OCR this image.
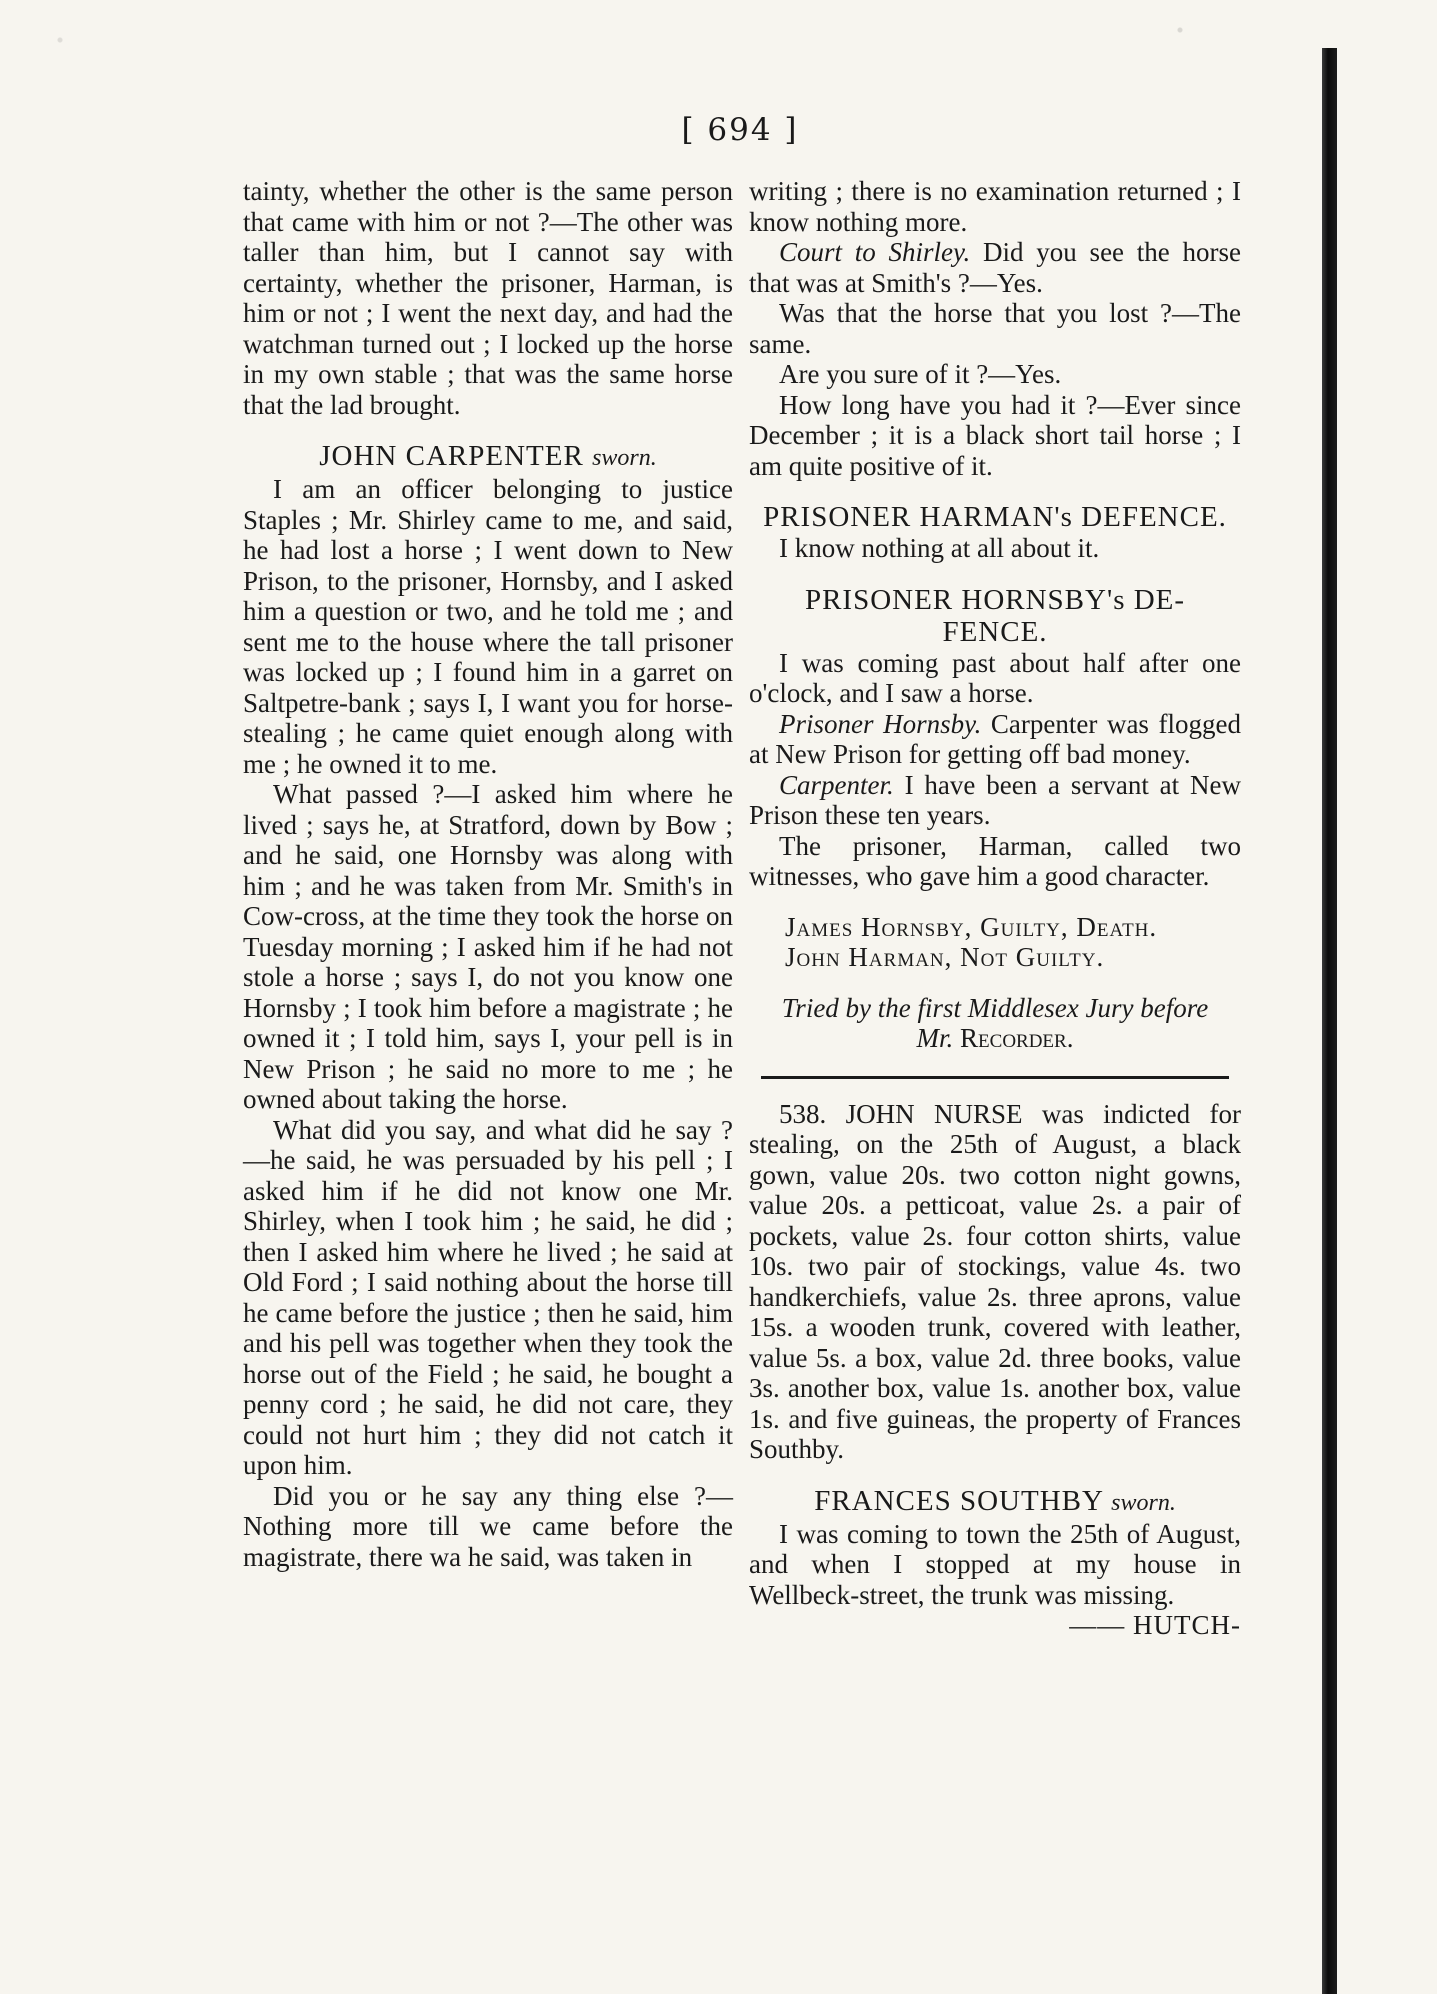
[ 694 ]

tainty, whether the other is the same person that came with him or not ?—The other was taller than him, but I cannot say with certainty, whether the prisoner, Harman, is him or not ; I went the next day, and had the watchman turned out ; I locked up the horse in my own stable ; that was the same horse that the lad brought.

JOHN CARPENTER sworn.

I am an officer belonging to justice Staples ; Mr. Shirley came to me, and said, he had lost a horse ; I went down to New Prison, to the prisoner, Hornsby, and I asked him a question or two, and he told me ; and sent me to the house where the tall prisoner was locked up ; I found him in a garret on Saltpetre-bank ; says I, I want you for horse-stealing ; he came quiet enough along with me ; he owned it to me.

What passed ?—I asked him where he lived ; says he, at Stratford, down by Bow ; and he said, one Hornsby was along with him ; and he was taken from Mr. Smith's in Cow-cross, at the time they took the horse on Tuesday morning ; I asked him if he had not stole a horse ; says I, do not you know one Hornsby ; I took him before a magistrate ; he owned it ; I told him, says I, your pell is in New Prison ; he said no more to me ; he owned about taking the horse.

What did you say, and what did he say ?—he said, he was persuaded by his pell ; I asked him if he did not know one Mr. Shirley, when I took him ; he said, he did ; then I asked him where he lived ; he said at Old Ford ; I said nothing about the horse till he came before the justice ; then he said, him and his pell was together when they took the horse out of the Field ; he said, he bought a penny cord ; he said, he did not care, they could not hurt him ; they did not catch it upon him.

Did you or he say any thing else ?—Nothing more till we came before the magistrate, there wa he said, was taken in

writing ; there is no examination returned ; I know nothing more.

Court to Shirley. Did you see the horse that was at Smith's ?—Yes.

Was that the horse that you lost ?—The same.

Are you sure of it ?—Yes.

How long have you had it ?—Ever since December ; it is a black short tail horse ; I am quite positive of it.

PRISONER HARMAN's DEFENCE.

I know nothing at all about it.

PRISONER HORNSBY's DE-

FENCE.

I was coming past about half after one o'clock, and I saw a horse.

Prisoner Hornsby. Carpenter was flogged at New Prison for getting off bad money.

Carpenter. I have been a servant at New Prison these ten years.

The prisoner, Harman, called two witnesses, who gave him a good character.

James Hornsby, Guilty, Death.

John Harman, Not Guilty.

Tried by the first Middlesex Jury before

Mr. Recorder.

538. JOHN NURSE was indicted for stealing, on the 25th of August, a black gown, value 20s. two cotton night gowns, value 20s. a petticoat, value 2s. a pair of pockets, value 2s. four cotton shirts, value 10s. two pair of stockings, value 4s. two handkerchiefs, value 2s. three aprons, value 15s. a wooden trunk, covered with leather, value 5s. a box, value 2d. three books, value 3s. another box, value 1s. another box, value 1s. and five guineas, the property of Frances Southby.

FRANCES SOUTHBY sworn.

I was coming to town the 25th of August, and when I stopped at my house in Wellbeck-street, the trunk was missing.

—— HUTCH-
